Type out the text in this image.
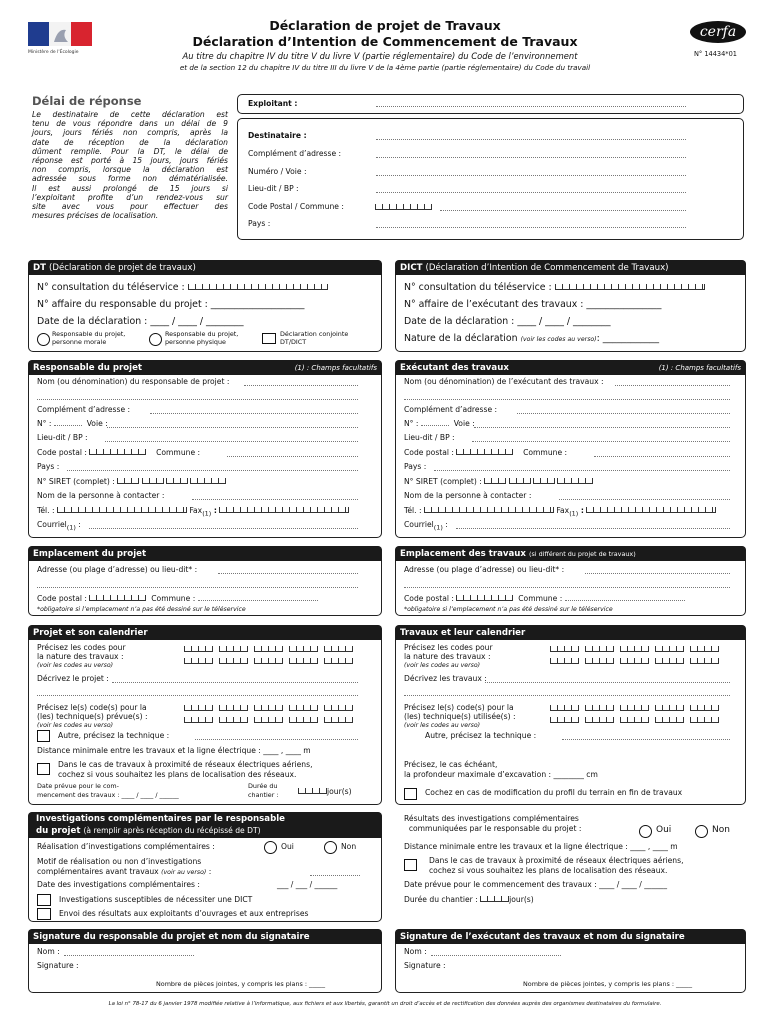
Ministère de l'Écologie
Déclaration de projet de Travaux
Déclaration d’Intention de Commencement de Travaux
Au titre du chapitre IV du titre V du livre V (partie réglementaire) du Code de l’environnement
et de la section 12 du chapitre IV du titre III du livre V de la 4ème partie (partie réglementaire) du Code du travail
cerfa
N° 14434*01
Délai de réponse
Le destinataire de cette déclaration est
tenu de vous répondre dans un délai de 9
jours, jours fériés non compris, après la
date de réception de la déclaration
dûment remplie. Pour la DT, le délai de
réponse est porté à 15 jours, jours fériés
non compris, lorsque la déclaration est
adressée sous forme non dématérialisée.
Il est aussi prolongé de 15 jours si
l’exploitant profite d’un rendez-vous sur
site avec vous pour effectuer des
mesures précises de localisation.
Exploitant :
Destinataire :
Complément d’adresse :
Numéro / Voie :
Lieu-dit / BP :
Code Postal / Commune :
Pays :
DT (Déclaration de projet de travaux)
N° consultation du téléservice :
N° affaire du responsable du projet : ____________________
Date de la déclaration : ____ / ____ / ________
Responsable du projet, personne morale
Responsable du projet, personne physique
Déclaration conjointe DT/DICT
DICT (Déclaration d’Intention de Commencement de Travaux)
N° consultation du téléservice :
N° affaire de l’exécutant des travaux : ________________
Date de la déclaration : ____ / ____ / ________
Nature de la déclaration (voir les codes au verso): ____________
Responsable du projet	(1) : Champs facultatifs
Nom (ou dénomination) du responsable de projet :
Complément d’adresse :
N° :	Voie :
Lieu-dit / BP :
Code postal :	Commune :
Pays :
N° SIRET (complet) :
Nom de la personne à contacter :
Tél. :	Fax$_{(1)}$ :
Courriel$_{(1)}$ :
Exécutant des travaux	(1) : Champs facultatifs
Nom (ou dénomination) de l’exécutant des travaux :
Complément d’adresse :
N° :	Voie :
Lieu-dit / BP :
Code postal :	Commune :
Pays :
N° SIRET (complet) :
Nom de la personne à contacter :
Tél. :	Fax$_{(1)}$ :
Courriel$_{(1)}$ :
Emplacement du projet
Adresse (ou plage d’adresse) ou lieu-dit* :
Code postal :	Commune :
*obligatoire si l’emplacement n’a pas été dessiné sur le téléservice
Emplacement des travaux
(si différent du projet de travaux)
Adresse (ou plage d’adresse) ou lieu-dit* :
Code postal :	Commune :
*obligatoire si l’emplacement n’a pas été dessiné sur le téléservice
Projet et son calendrier
Précisez les codes pour
la nature des travaux :
(voir les codes au verso)
Décrivez le projet :
Précisez le(s) code(s) pour la
(les) technique(s) prévue(s) :
(voir les codes au verso)
Autre, précisez la technique :
Distance minimale entre les travaux et la ligne électrique : ____ , ____ m
Dans le cas de travaux à proximité de réseaux électriques aériens,
cochez si vous souhaitez les plans de localisation des réseaux.
Date prévue pour le com-
mencement des travaux : ____ / ____ / ______
Durée du
chantier :	jour(s)
Travaux et leur calendrier
Précisez les codes pour
la nature des travaux :
(voir les codes au verso)
Décrivez les travaux :
Précisez le(s) code(s) pour la
(les) technique(s) utilisée(s) :
(voir les codes au verso)
Autre, précisez la technique :
Précisez, le cas échéant,
la profondeur maximale d’excavation : ________ cm
Cochez en cas de modification du profil du terrain en fin de travaux
Investigations complémentaires par le responsable
du projet (à remplir après réception du récépissé de DT)
Réalisation d’investigations complémentaires :	Oui	Non
Motif de réalisation ou non d’investigations
complémentaires avant travaux (voir au verso) :
Date des investigations complémentaires :	___ / ___ / ______
Investigations susceptibles de nécessiter une DICT
Envoi des résultats aux exploitants d’ouvrages et aux entreprises
Résultats des investigations complémentaires
communiquées par le responsable du projet :	Oui	Non
Distance minimale entre les travaux et la ligne électrique : ____ , ____ m
Dans le cas de travaux à proximité de réseaux électriques aériens,
cochez si vous souhaitez les plans de localisation des réseaux.
Date prévue pour le commencement des travaux : ____ / ____ / ______
Durée du chantier :	jour(s)
Signature du responsable du projet et nom du signataire
Nom :
Signature :
Nombre de pièces jointes, y compris les plans : _____
Signature de l’exécutant des travaux et nom du signataire
Nom :
Signature :
Nombre de pièces jointes, y compris les plans : _____
La loi n° 78-17 du 6 janvier 1978 modifiée relative à l’informatique, aux fichiers et aux libertés, garantit un droit d’accès et de rectification des données auprès des organismes destinataires du formulaire.
